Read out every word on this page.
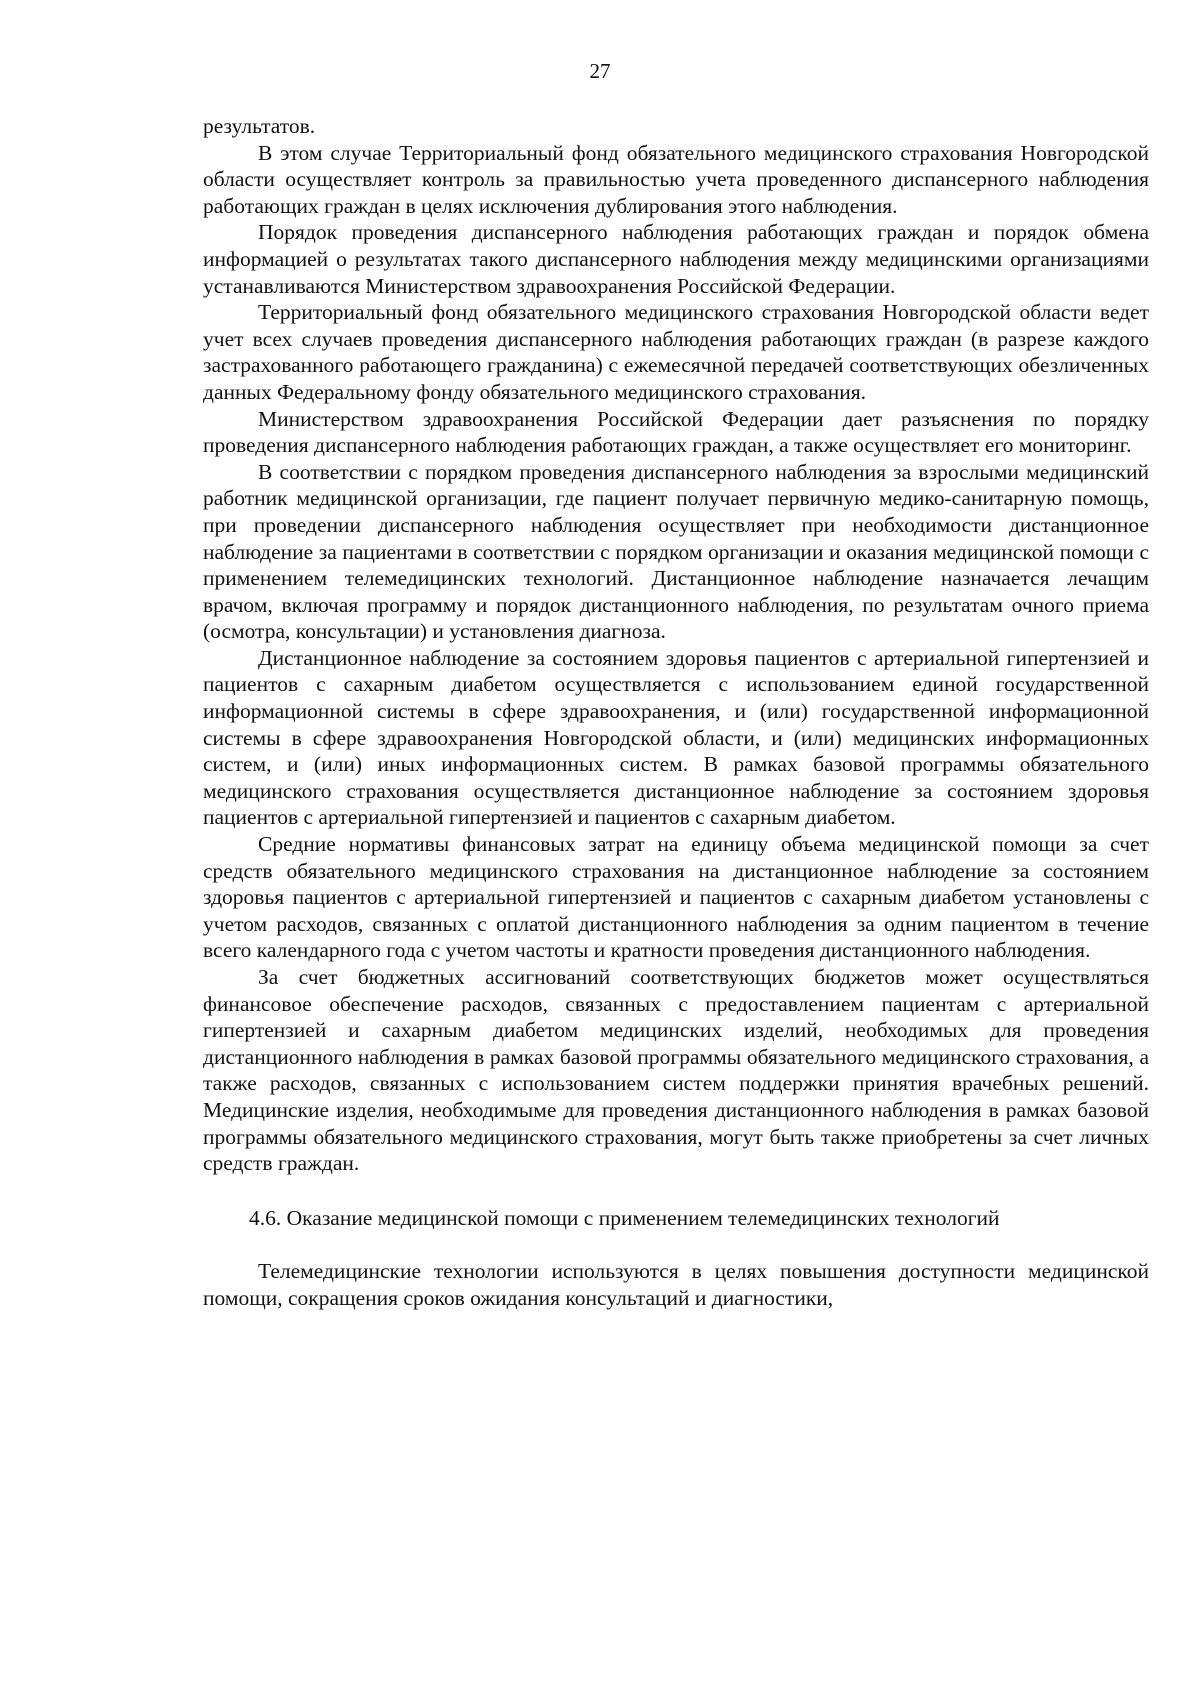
27

результатов.

В этом случае Территориальный фонд обязательного медицинского страхования Новгородской области осуществляет контроль за правильностью учета проведенного диспансерного наблюдения работающих граждан в целях исключения дублирования этого наблюдения.

Порядок проведения диспансерного наблюдения работающих граждан и порядок обмена информацией о результатах такого диспансерного наблюдения между медицинскими организациями устанавливаются Министерством здравоохранения Российской Федерации.

Территориальный фонд обязательного медицинского страхования Новгородской области ведет учет всех случаев проведения диспансерного наблюдения работающих граждан (в разрезе каждого застрахованного работающего гражданина) с ежемесячной передачей соответствующих обезличенных данных Федеральному фонду обязательного медицинского страхования.

Министерством здравоохранения Российской Федерации дает разъяснения по порядку проведения диспансерного наблюдения работающих граждан, а также осуществляет его мониторинг.

В соответствии с порядком проведения диспансерного наблюдения за взрослыми медицинский работник медицинской организации, где пациент получает первичную медико-санитарную помощь, при проведении диспансерного наблюдения осуществляет при необходимости дистанционное наблюдение за пациентами в соответствии с порядком организации и оказания медицинской помощи с применением телемедицинских технологий. Дистанционное наблюдение назначается лечащим врачом, включая программу и порядок дистанционного наблюдения, по результатам очного приема (осмотра, консультации) и установления диагноза.

Дистанционное наблюдение за состоянием здоровья пациентов с артериальной гипертензией и пациентов с сахарным диабетом осуществляется с использованием единой государственной информационной системы в сфере здравоохранения, и (или) государственной информационной системы в сфере здравоохранения Новгородской области, и (или) медицинских информационных систем, и (или) иных информационных систем. В рамках базовой программы обязательного медицинского страхования осуществляется дистанционное наблюдение за состоянием здоровья пациентов с артериальной гипертензией и пациентов с сахарным диабетом.

Средние нормативы финансовых затрат на единицу объема медицинской помощи за счет средств обязательного медицинского страхования на дистанционное наблюдение за состоянием здоровья пациентов с артериальной гипертензией и пациентов с сахарным диабетом установлены с учетом расходов, связанных с оплатой дистанционного наблюдения за одним пациентом в течение всего календарного года с учетом частоты и кратности проведения дистанционного наблюдения.

За счет бюджетных ассигнований соответствующих бюджетов может осуществляться финансовое обеспечение расходов, связанных с предоставлением пациентам с артериальной гипертензией и сахарным диабетом медицинских изделий, необходимых для проведения дистанционного наблюдения в рамках базовой программы обязательного медицинского страхования, а также расходов, связанных с использованием систем поддержки принятия врачебных решений. Медицинские изделия, необходимыме для проведения дистанционного наблюдения в рамках базовой программы обязательного медицинского страхования, могут быть также приобретены за счет личных средств граждан.

4.6. Оказание медицинской помощи с применением телемедицинских технологий

Телемедицинские технологии используются в целях повышения доступности медицинской помощи, сокращения сроков ожидания консультаций и диагностики,
